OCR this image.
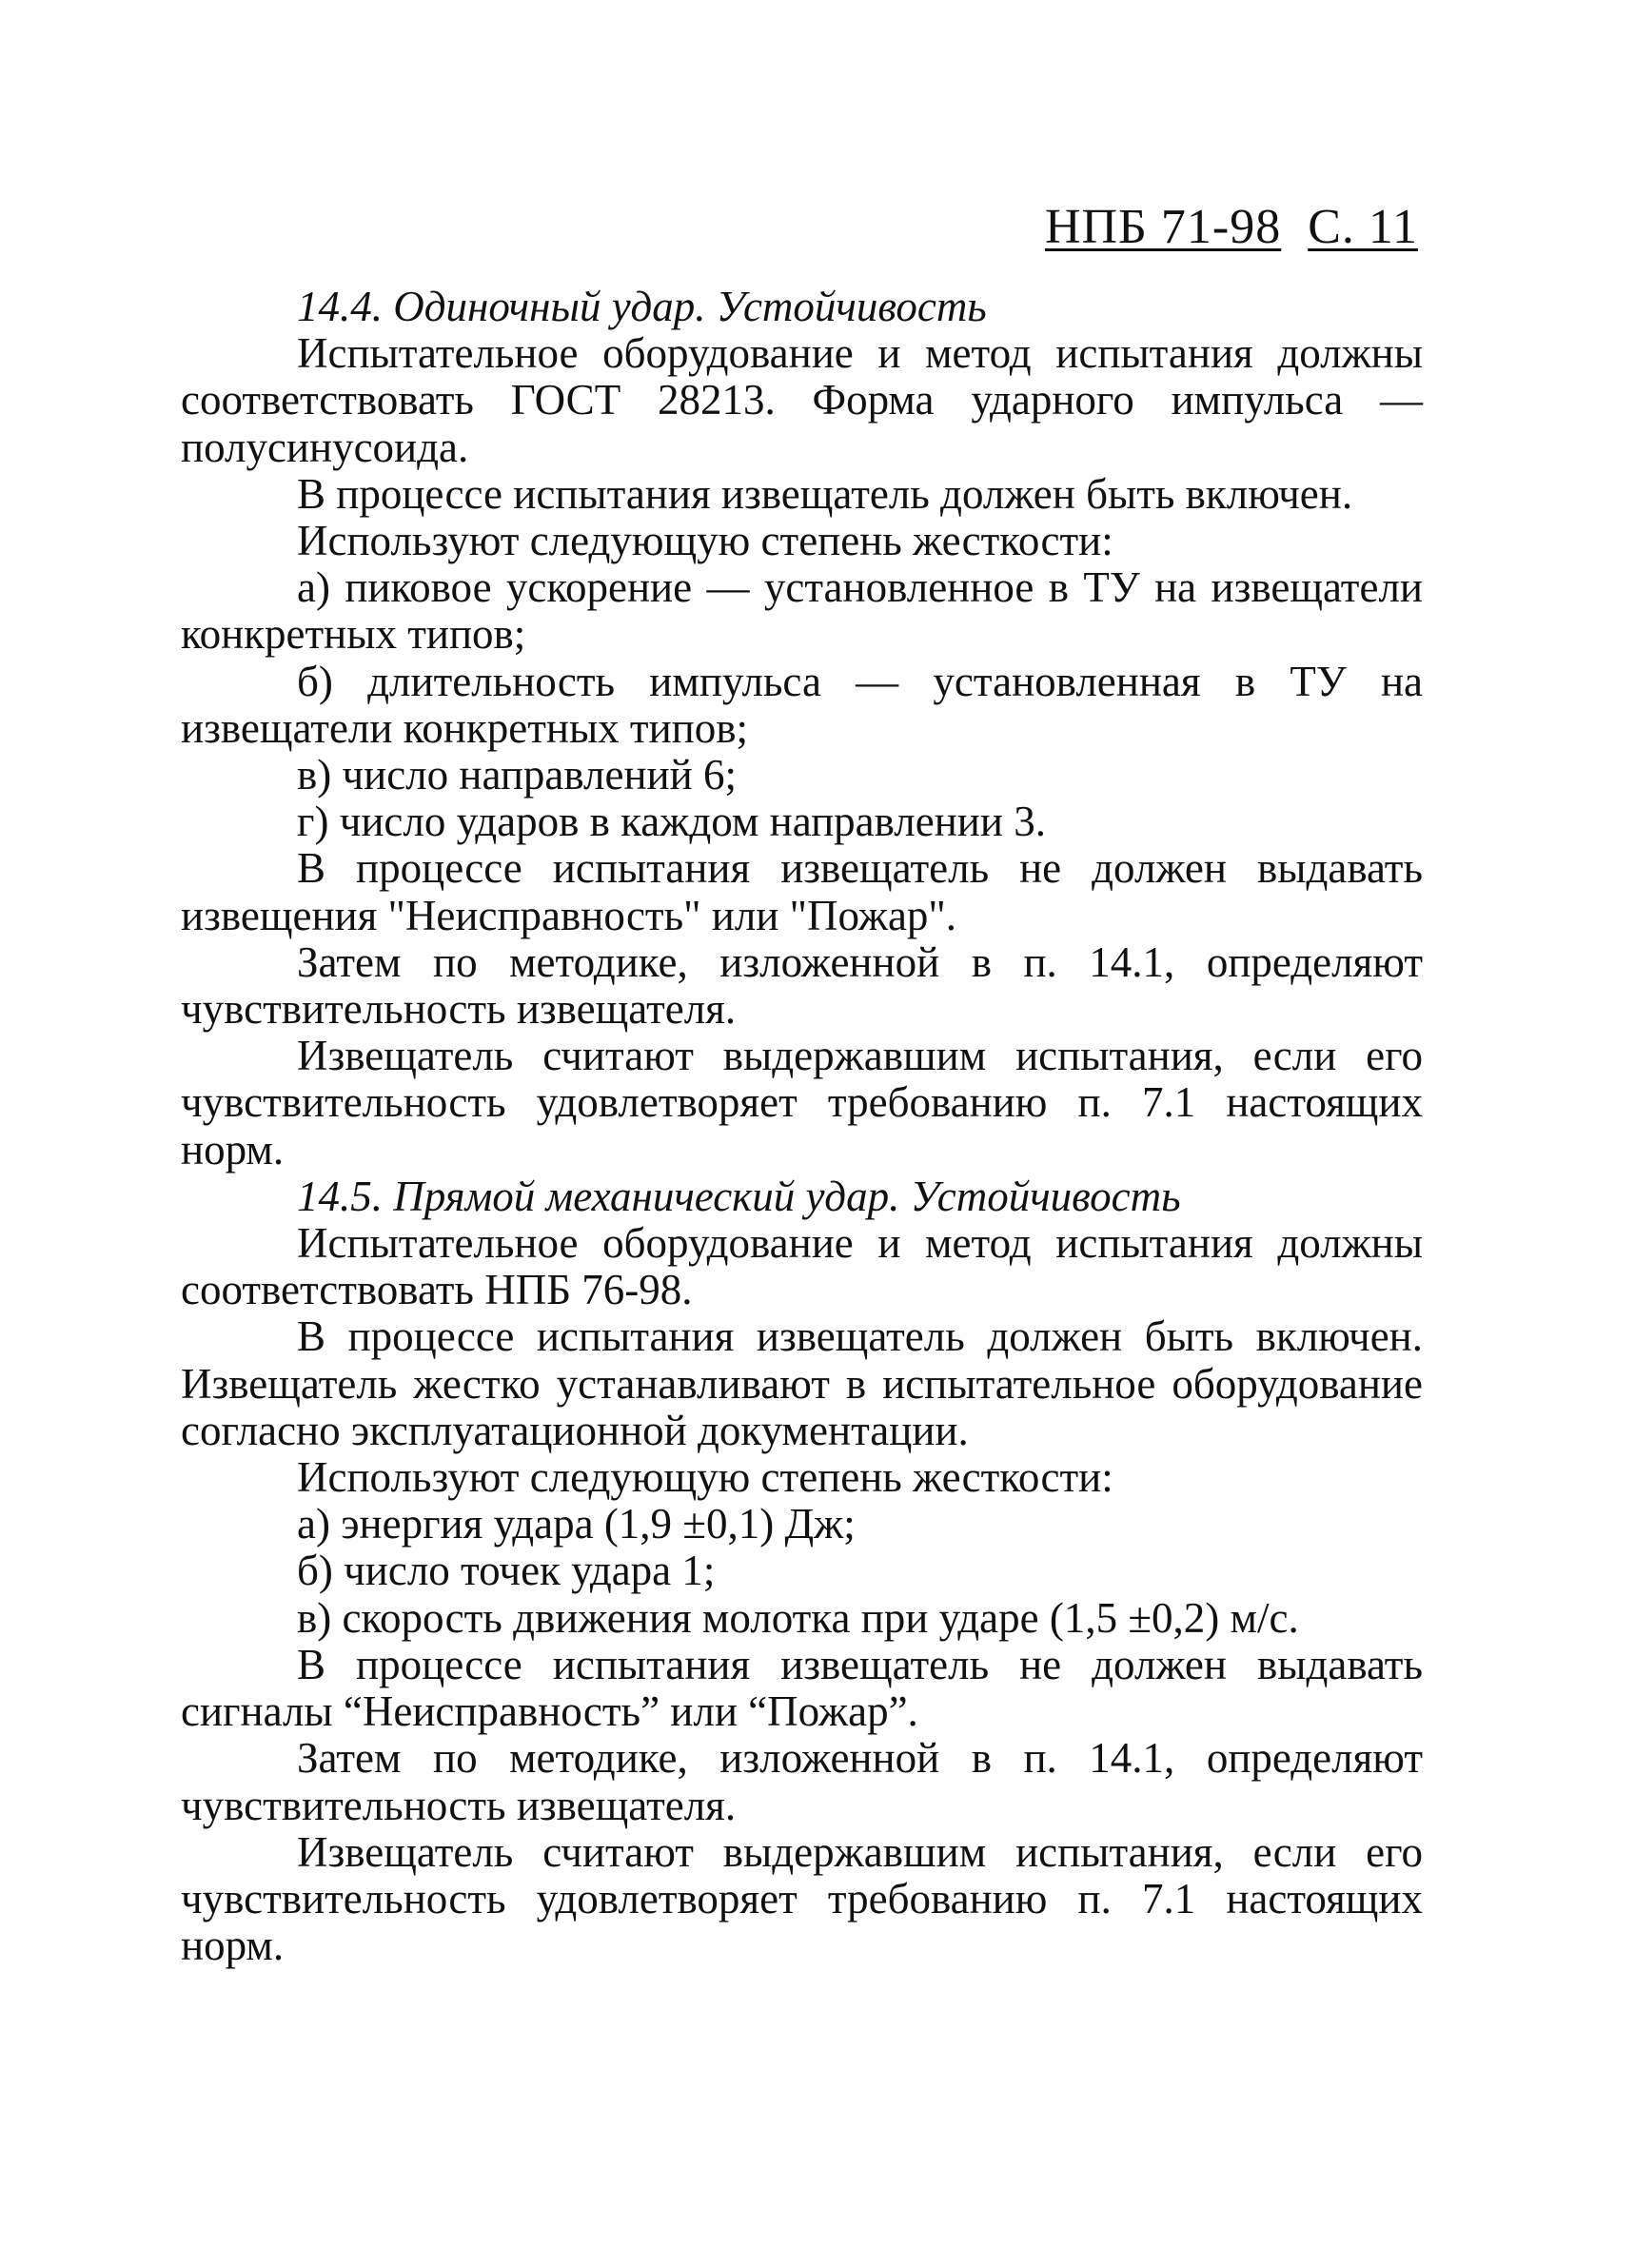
НПБ 71-98 С. 11

14.4. Одиночный удар. Устойчивость

Испытательное оборудование и метод испытания должны соответствовать ГОСТ 28213. Форма ударного импульса — полусинусоида.

В процессе испытания извещатель должен быть включен.

Используют следующую степень жесткости:

а) пиковое ускорение — установленное в ТУ на извещатели конкретных типов;

б) длительность импульса — установленная в ТУ на извещатели конкретных типов;

в) число направлений 6;

г) число ударов в каждом направлении 3.

В процессе испытания извещатель не должен выдавать извещения "Неисправность" или "Пожар".

Затем по методике, изложенной в п. 14.1, определяют чувствительность извещателя.

Извещатель считают выдержавшим испытания, если его чувствительность удовлетворяет требованию п. 7.1 настоящих норм.

14.5. Прямой механический удар. Устойчивость

Испытательное оборудование и метод испытания должны соответствовать НПБ 76-98.

В процессе испытания извещатель должен быть включен. Извещатель жестко устанавливают в испытательное оборудование согласно эксплуатационной документации.

Используют следующую степень жесткости:

а) энергия удара (1,9 ±0,1) Дж;

б) число точек удара 1;

в) скорость движения молотка при ударе (1,5 ±0,2) м/с.

В процессе испытания извещатель не должен выдавать сигналы “Неисправность” или “Пожар”.

Затем по методике, изложенной в п. 14.1, определяют чувствительность извещателя.

Извещатель считают выдержавшим испытания, если его чувствительность удовлетворяет требованию п. 7.1 настоящих норм.
